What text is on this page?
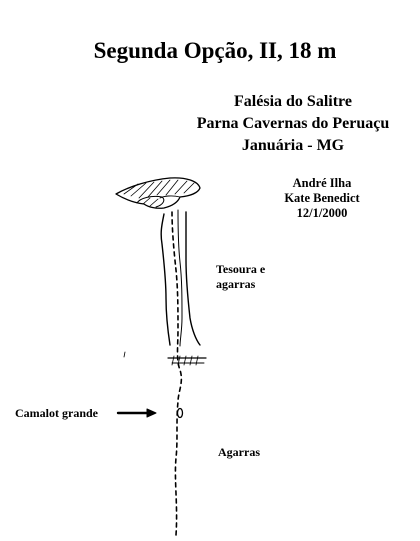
Segunda Opção, II, 18 m
Falésia do Salitre
Parna Cavernas do Peruaçu
Januária - MG
André Ilha
Kate Benedict
12/1/2000
Tesoura e
agarras
Camalot grande
Agarras
